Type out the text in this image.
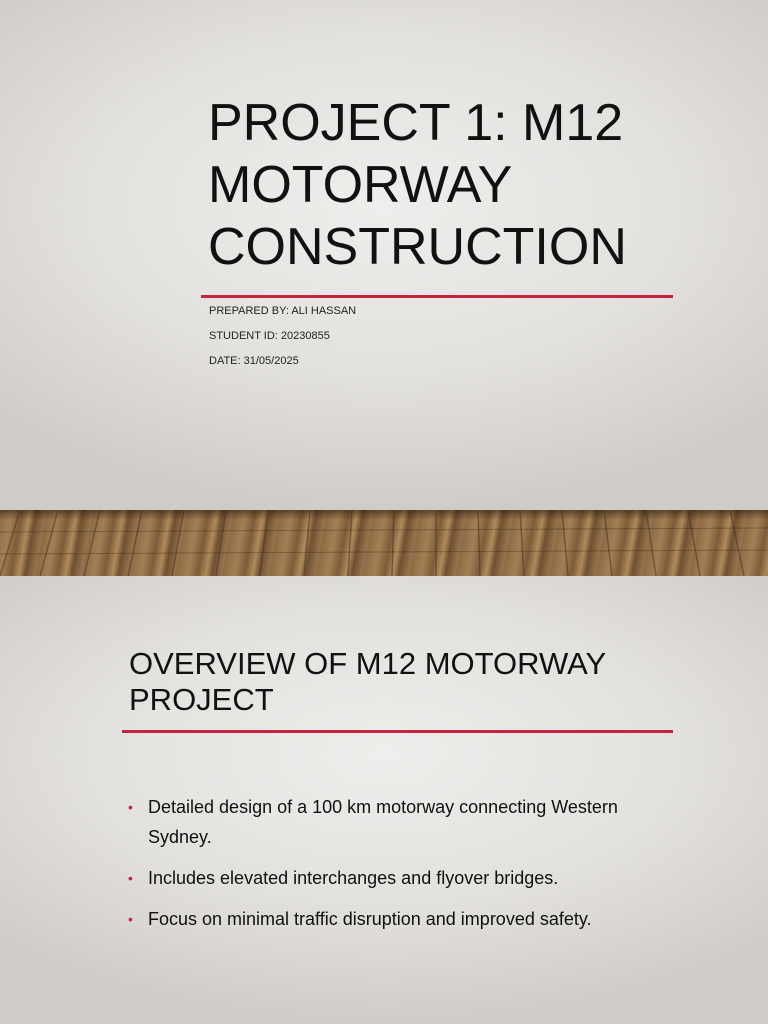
PROJECT 1: M12
MOTORWAY
CONSTRUCTION
PREPARED BY: ALI HASSAN
STUDENT ID: 20230855
DATE: 31/05/2025
OVERVIEW OF M12 MOTORWAY
PROJECT
• Detailed design of a 100 km motorway connecting Western
Sydney.
• Includes elevated interchanges and flyover bridges.
• Focus on minimal traffic disruption and improved safety.
